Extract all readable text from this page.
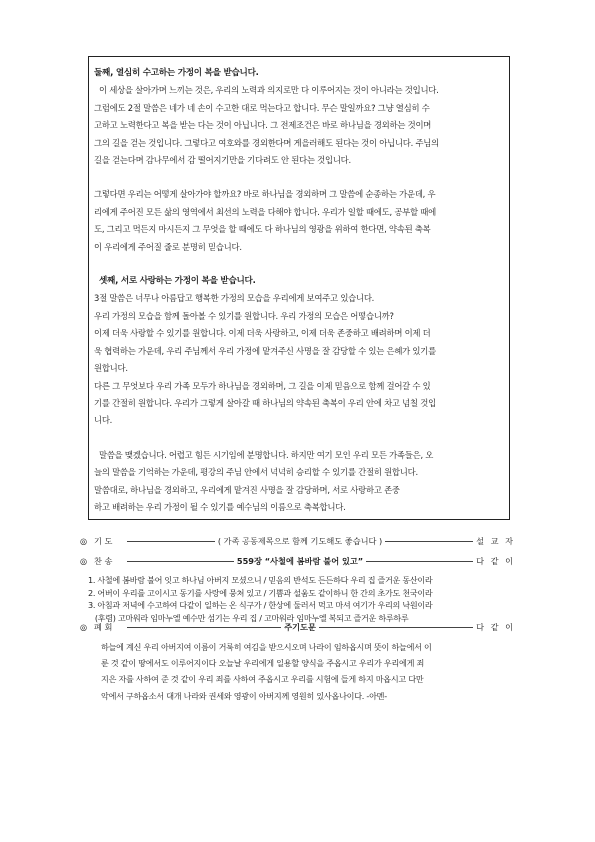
둘째, 열심히 수고하는 가정이 복을 받습니다.

이 세상을 살아가며 느끼는 것은, 우리의 노력과 의지로만 다 이루어지는 것이 아니라는 것입니다.

그럼에도 2절 말씀은 네가 네 손이 수고한 대로 먹는다고 합니다. 무슨 말일까요? 그냥 열심히 수

고하고 노력한다고 복을 받는 다는 것이 아닙니다. 그 전제조건은 바로 하나님을 경외하는 것이며

그의 길을 걷는 것입니다. 그렇다고 여호와를 경외한다며 게을러해도 된다는 것이 아닙니다. 주님의

길을 걷는다며 감나무에서 감 떨어지기만을 기다려도 안 된다는 것입니다.

그렇다면 우리는 어떻게 살아가야 할까요? 바로 하나님을 경외하며 그 말씀에 순종하는 가운데, 우

리에게 주어진 모든 삶의 영역에서 최선의 노력을 다해야 합니다. 우리가 일할 때에도, 공부할 때에

도, 그리고 먹든지 마시든지 그 무엇을 할 때에도 다 하나님의 영광을 위하여 한다면, 약속된 축복

이 우리에게 주어질 줄로 분명히 믿습니다.

셋째, 서로 사랑하는 가정이 복을 받습니다.

3절 말씀은 너무나 아름답고 행복한 가정의 모습을 우리에게 보여주고 있습니다.

우리 가정의 모습을 함께 돌아볼 수 있기를 원합니다. 우리 가정의 모습은 어떻습니까?

이제 더욱 사랑할 수 있기를 원합니다. 이제 더욱 사랑하고, 이제 더욱 존중하고 배려하며 이제 더

욱 협력하는 가운데, 우리 주님께서 우리 가정에 맡겨주신 사명을 잘 감당할 수 있는 은혜가 있기를

원합니다.

다른 그 무엇보다 우리 가족 모두가 하나님을 경외하며, 그 길을 이제 믿음으로 함께 걸어갈 수 있

기를 간절히 원합니다. 우리가 그렇게 살아갈 때 하나님의 약속된 축복이 우리 안에 차고 넘칠 것입

니다.

말씀을 맺겠습니다. 어렵고 힘든 시기임에 분명합니다. 하지만 여기 모인 우리 모든 가족들은, 오

늘의 말씀을 기억하는 가운데, 평강의 주님 안에서 넉넉히 승리할 수 있기를 간절히 원합니다.

말씀대로, 하나님을 경외하고, 우리에게 맡겨진 사명을 잘 감당하며, 서로 사랑하고 존중

하고 배려하는 우리 가정이 될 수 있기를 예수님의 이름으로 축복합니다.

◎ 기 도	( 가족 공동제목으로 함께 기도해도 좋습니다 )	설 교 자
◎ 찬 송	559장 “사철에 봄바람 불어 있고”	다 같 이

1. 사철에 봄바람 불어 잇고 하나님 아버지 모셨으니 / 믿음의 반석도 든든하다 우리 집 즐거운 동산이라

2. 어버이 우리를 고이시고 동기를 사랑에 뭉쳐 있고 / 기쁨과 설움도 같이하니 한 간의 초가도 천국이라

3. 아침과 저녁에 수고하여 다같이 일하는 온 식구가 / 한상에 둘러서 먹고 마셔 여기가 우리의 낙원이라

(후렴) 고마워라 임마누엘 예수만 섬기는 우리 집 / 고마워라 임마누엘 복되고 즐거운 하루하루

◎ 폐 회	주기도문	다 같 이

하늘에 계신 우리 아버지여 이름이 거룩히 여김을 받으시오며 나라이 임하옵시며 뜻이 하늘에서 이

룬 것 같이 땅에서도 이루어지이다 오늘날 우리에게 일용할 양식을 주옵시고 우리가 우리에게 죄

지은 자를 사하여 준 것 같이 우리 죄를 사하여 주옵시고 우리를 시험에 들게 하지 마옵시고 다만

악에서 구하옵소서 대개 나라와 권세와 영광이 아버지께 영원히 있사옵나이다. -아멘-
